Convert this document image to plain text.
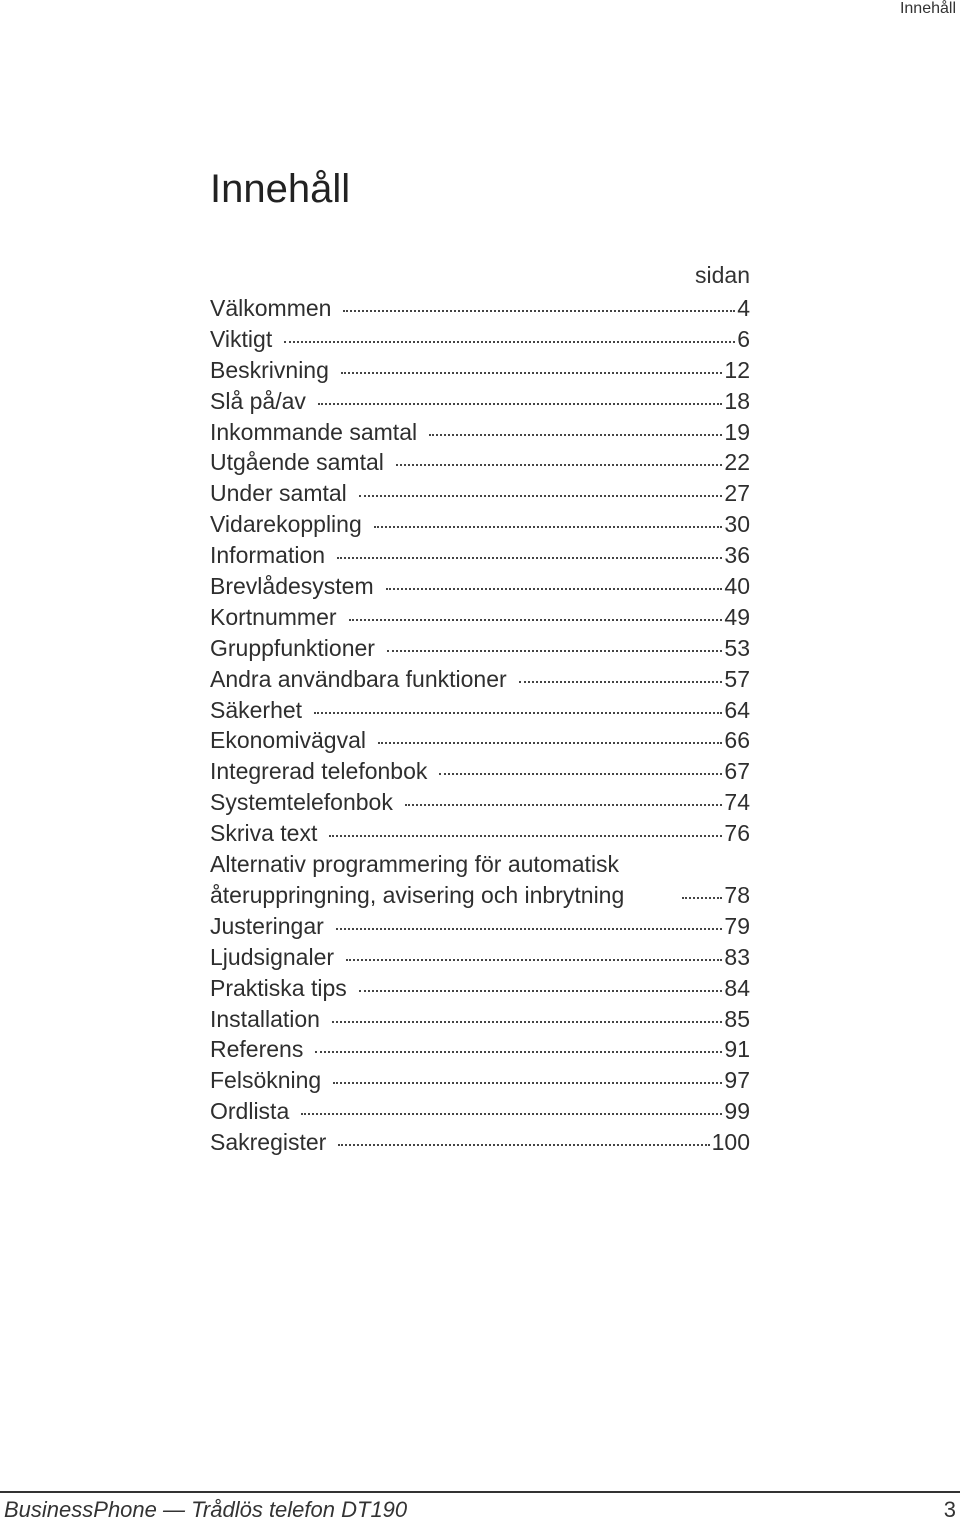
Innehåll
Innehåll
sidan
Välkommen	4
Viktigt	6
Beskrivning	12
Slå på/av	18
Inkommande samtal	19
Utgående samtal	22
Under samtal	27
Vidarekoppling	30
Information	36
Brevlådesystem	40
Kortnummer	49
Gruppfunktioner	53
Andra användbara funktioner	57
Säkerhet	64
Ekonomivägval	66
Integrerad telefonbok	67
Systemtelefonbok	74
Skriva text	76
Alternativ programmering för automatisk återuppringning, avisering och inbrytning	78
Justeringar	79
Ljudsignaler	83
Praktiska tips	84
Installation	85
Referens	91
Felsökning	97
Ordlista	99
Sakregister	100
BusinessPhone — Trådlös telefon DT190	3
